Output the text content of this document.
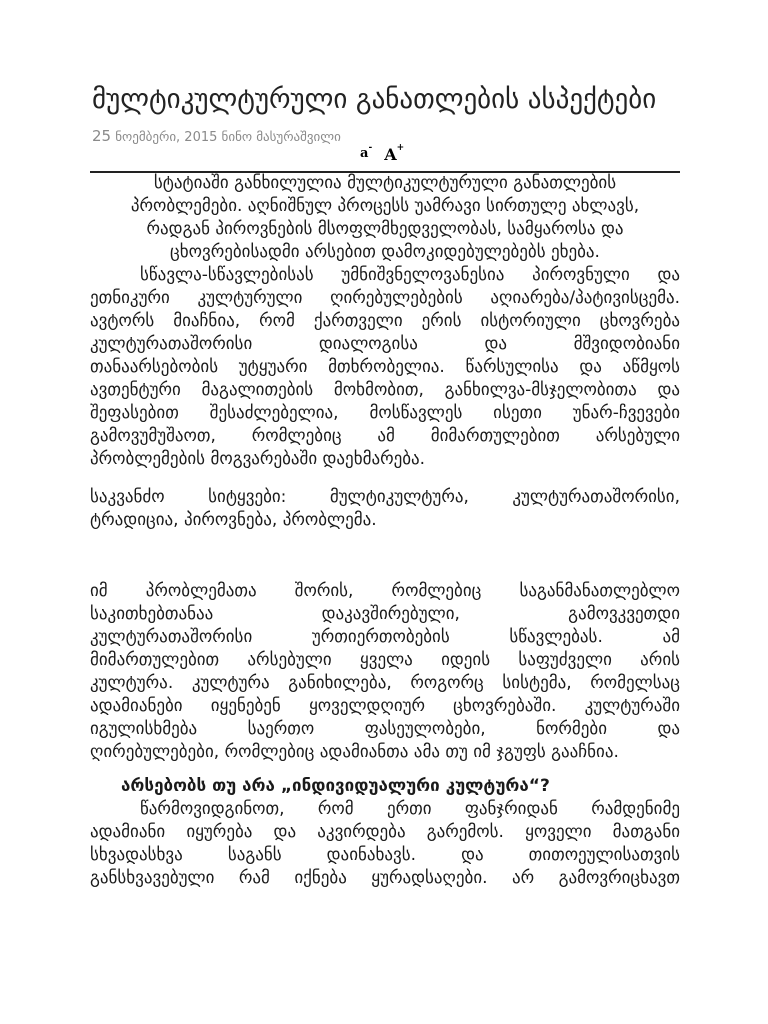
მულტიკულტურული განათლების ასპექტები
25 ნოემბერი, 2015 ნინო მასურაშვილი
a- A+
სტატიაში განხილულია მულტიკულტურული განათლების
პრობლემები. აღნიშნულ პროცესს უამრავი სირთულე ახლავს,
რადგან პიროვნების მსოფლმხედველობას, სამყაროსა და
ცხოვრებისადმი არსებით დამოკიდებულებებს ეხება.
სწავლა-სწავლებისას უმნიშვნელოვანესია პიროვნული და
ეთნიკური კულტურული ღირებულებების აღიარება/პატივისცემა.
ავტორს მიაჩნია, რომ ქართველი ერის ისტორიული ცხოვრება
კულტურათაშორისი დიალოგისა და მშვიდობიანი
თანაარსებობის უტყუარი მთხრობელია. წარსულისა და აწმყოს
ავთენტური მაგალითების მოხმობით, განხილვა-მსჯელობითა და
შეფასებით შესაძლებელია, მოსწავლეს ისეთი უნარ-ჩვევები
გამოვუმუშაოთ, რომლებიც ამ მიმართულებით არსებული
პრობლემების მოგვარებაში დაეხმარება.
საკვანძო სიტყვები: მულტიკულტურა, კულტურათაშორისი,
ტრადიცია, პიროვნება, პრობლემა.
იმ პრობლემათა შორის, რომლებიც საგანმანათლებლო
საკითხებთანაა დაკავშირებული, გამოვკვეთდი
კულტურათაშორისი ურთიერთობების სწავლებას. ამ
მიმართულებით არსებული ყველა იდეის საფუძველი არის
კულტურა. კულტურა განიხილება, როგორც სისტემა, რომელსაც
ადამიანები იყენებენ ყოველდღიურ ცხოვრებაში. კულტურაში
იგულისხმება საერთო ფასეულობები, ნორმები და
ღირებულებები, რომლებიც ადამიანთა ამა თუ იმ ჯგუფს გააჩნია.
არსებობს თუ არა „ინდივიდუალური კულტურა“?
წარმოვიდგინოთ, რომ ერთი ფანჯრიდან რამდენიმე
ადამიანი იყურება და აკვირდება გარემოს. ყოველი მათგანი
სხვადასხვა საგანს დაინახავს. და თითოეულისათვის
განსხვავებული რამ იქნება ყურადსაღები. არ გამოვრიცხავთ
